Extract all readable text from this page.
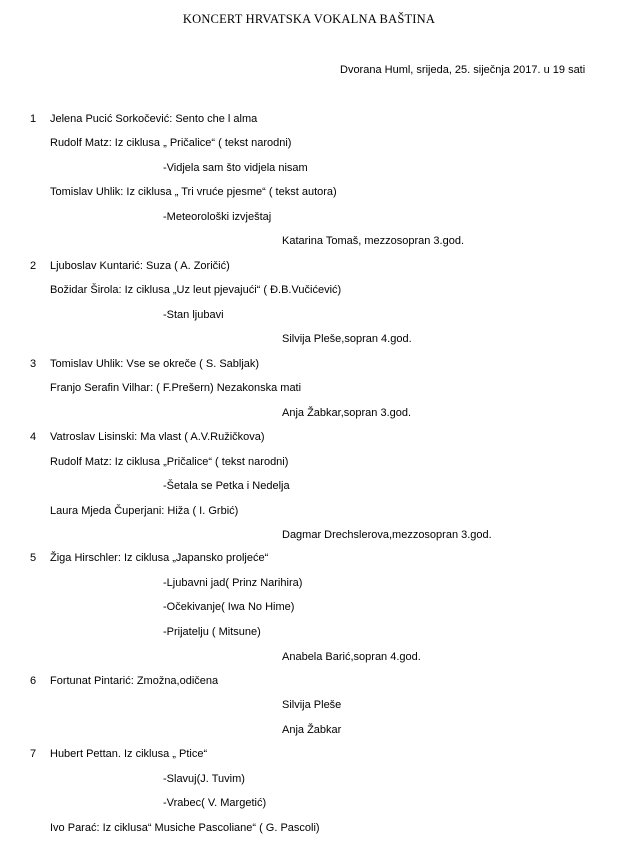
KONCERT HRVATSKA VOKALNA BAŠTINA
Dvorana Huml, srijeda, 25. siječnja 2017. u 19 sati
1
2
3
4
5
6
7
Jelena Pucić Sorkočević: Sento che l alma
Rudolf Matz: Iz ciklusa „ Pričalice“ ( tekst narodni)
-Vidjela sam što vidjela nisam
Tomislav Uhlik: Iz ciklusa „ Tri vruće pjesme“ ( tekst autora)
-Meteorološki izvještaj
Katarina Tomaš, mezzosopran 3.god.
Ljuboslav Kuntarić: Suza ( A. Zoričić)
Božidar Širola: Iz ciklusa „Uz leut pjevajući“ ( Đ.B.Vučićević)
-Stan ljubavi
Silvija Pleše,sopran 4.god.
Tomislav Uhlik: Vse se okreče ( S. Sabljak)
Franjo Serafin Vilhar: ( F.Prešern) Nezakonska mati
Anja Žabkar,sopran 3.god.
Vatroslav Lisinski: Ma vlast ( A.V.Ružičkova)
Rudolf Matz: Iz ciklusa „Pričalice“ ( tekst narodni)
-Šetala se Petka i Nedelja
Laura Mjeda Čuperjani: Hiža ( I. Grbić)
Dagmar Drechslerova,mezzosopran 3.god.
Žiga Hirschler: Iz ciklusa „Japansko proljeće“
-Ljubavni jad( Prinz Narihira)
-Očekivanje( Iwa No Hime)
-Prijatelju ( Mitsune)
Anabela Barić,sopran 4.god.
Fortunat Pintarić: Zmožna,odičena
Silvija Pleše
Anja Žabkar
Hubert Pettan. Iz ciklusa „ Ptice“
-Slavuj(J. Tuvim)
-Vrabec( V. Margetić)
Ivo Parać: Iz ciklusa“ Musiche Pascoliane“ ( G. Pascoli)
